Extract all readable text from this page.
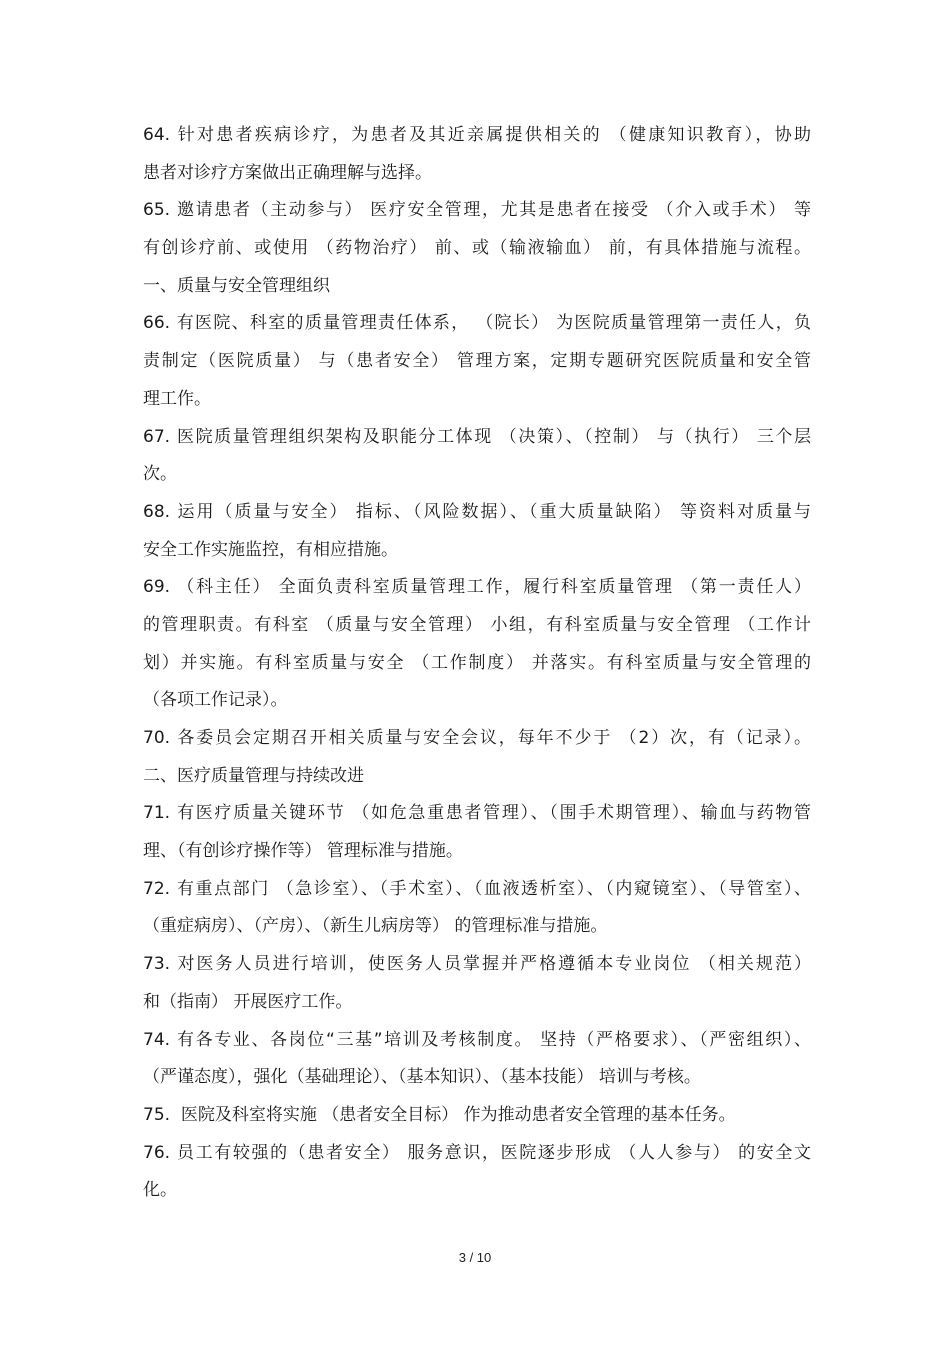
64. 针对患者疾病诊疗，为患者及其近亲属提供相关的 （健康知识教育），协助
患者对诊疗方案做出正确理解与选择。
65. 邀请患者（主动参与） 医疗安全管理，尤其是患者在接受 （介入或手术） 等
有创诊疗前、或使用 （药物治疗） 前、或（输液输血） 前，有具体措施与流程。
一、质量与安全管理组织
66. 有医院、科室的质量管理责任体系， （院长） 为医院质量管理第一责任人，负
责制定（医院质量） 与（患者安全） 管理方案，定期专题研究医院质量和安全管
理工作。
67. 医院质量管理组织架构及职能分工体现 （决策）、（控制） 与（执行） 三个层
次。
68. 运用（质量与安全） 指标、（风险数据）、（重大质量缺陷） 等资料对质量与
安全工作实施监控，有相应措施。
69. （科主任） 全面负责科室质量管理工作，履行科室质量管理 （第一责任人）
的管理职责。有科室 （质量与安全管理） 小组，有科室质量与安全管理 （工作计
划）并实施。有科室质量与安全 （工作制度） 并落实。有科室质量与安全管理的
（各项工作记录）。
70. 各委员会定期召开相关质量与安全会议，每年不少于 （2）次，有（记录）。
二、医疗质量管理与持续改进
71. 有医疗质量关键环节 （如危急重患者管理）、（围手术期管理）、输血与药物管
理、（有创诊疗操作等） 管理标准与措施。
72. 有重点部门 （急诊室）、（手术室）、（血液透析室）、（内窥镜室）、（导管室）、
（重症病房）、（产房）、（新生儿病房等） 的管理标准与措施。
73. 对医务人员进行培训，使医务人员掌握并严格遵循本专业岗位 （相关规范）
和（指南） 开展医疗工作。
74. 有各专业、各岗位“三基”培训及考核制度。 坚持（严格要求）、（严密组织）、
（严谨态度），强化（基础理论）、（基本知识）、（基本技能） 培训与考核。
75.  医院及科室将实施 （患者安全目标） 作为推动患者安全管理的基本任务。
76. 员工有较强的（患者安全） 服务意识，医院逐步形成 （人人参与） 的安全文
化。
3 / 10
